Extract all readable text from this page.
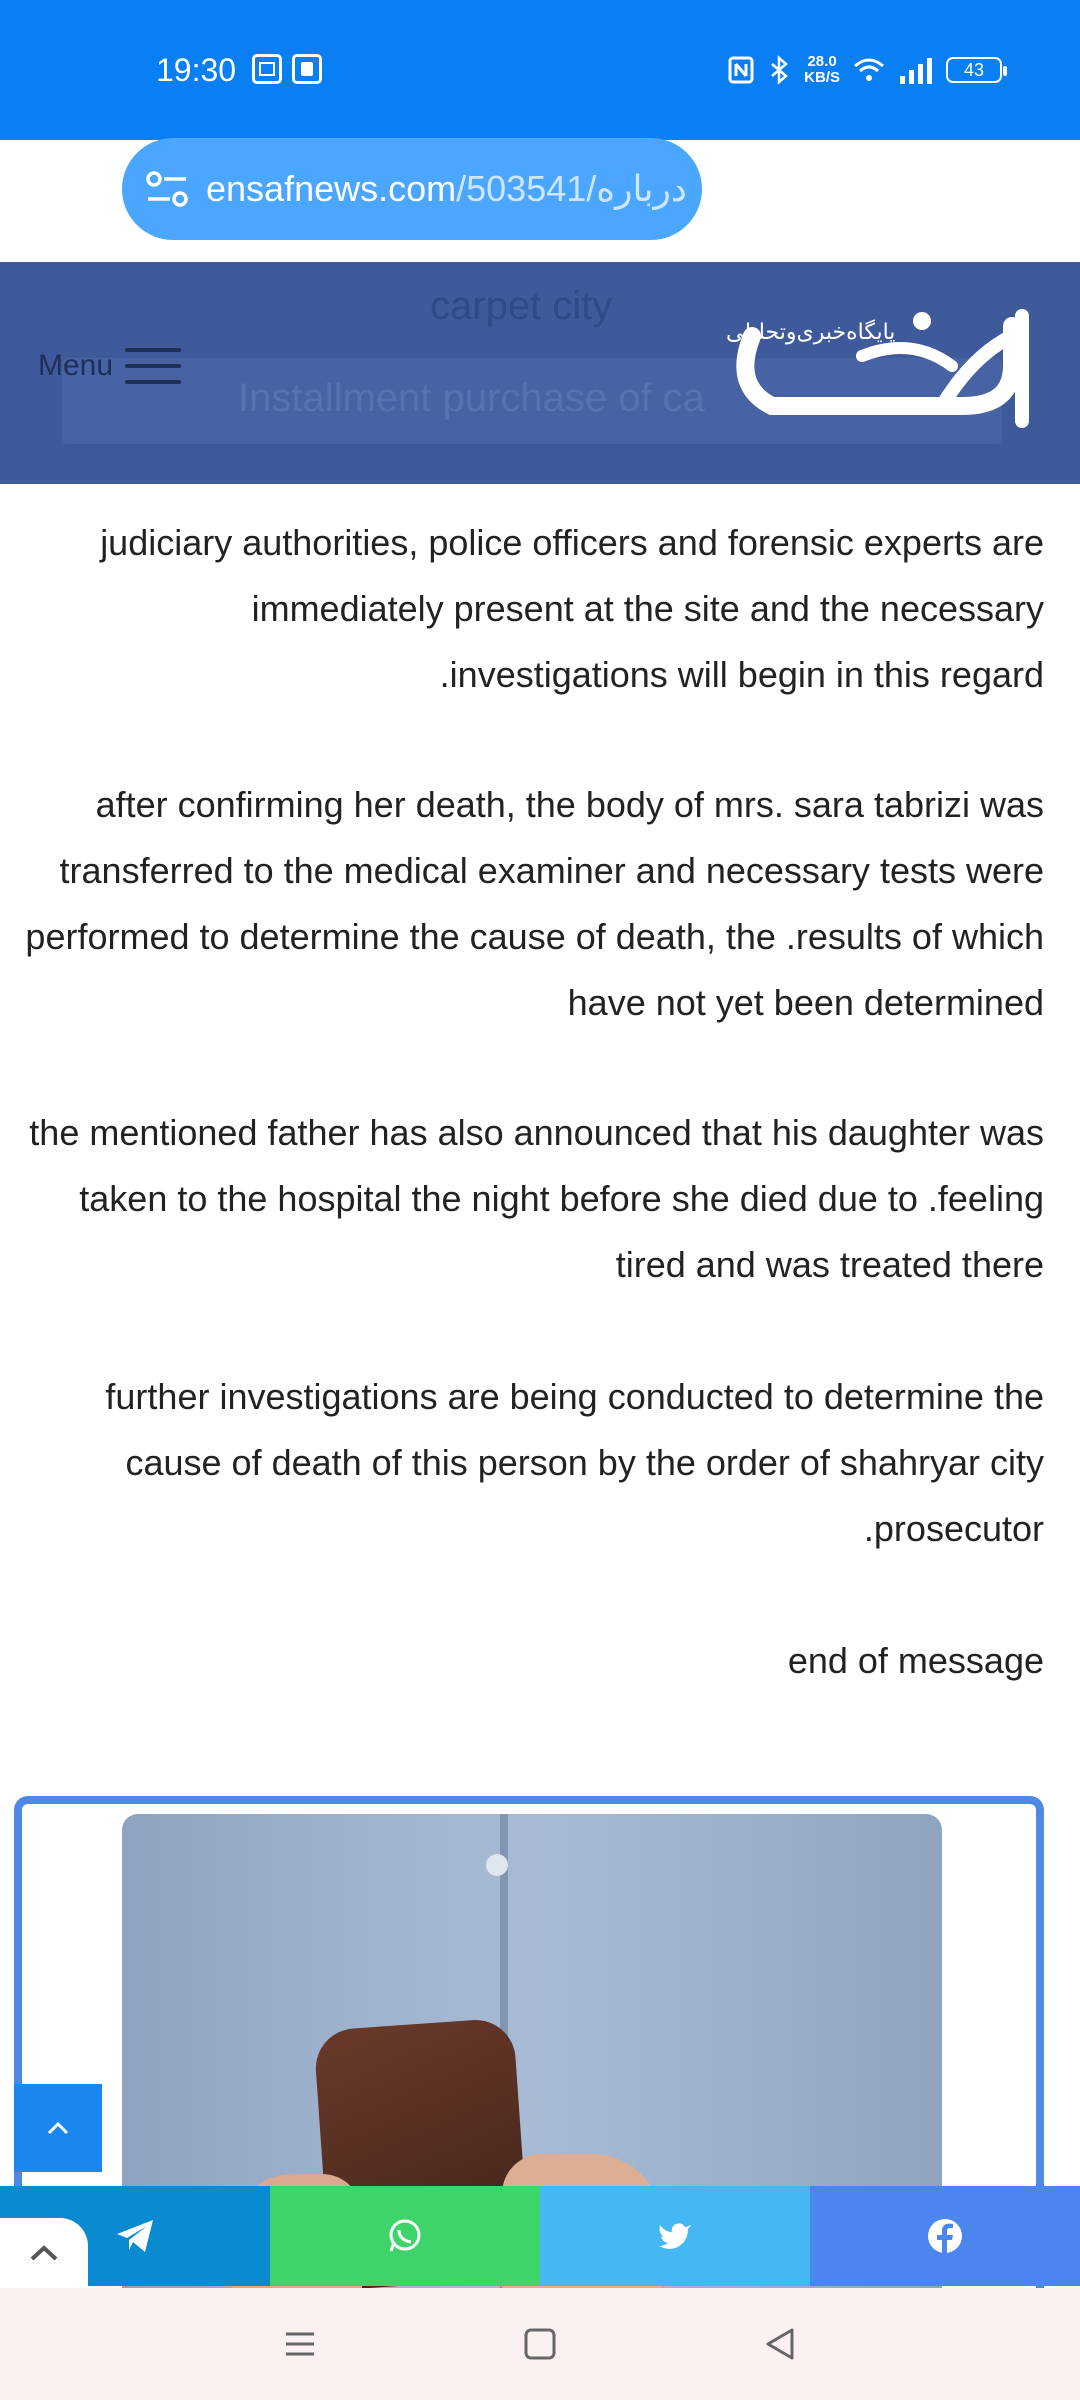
19:30	28.0
KB/S	43
ensafnews.com /503541/درباره	1
carpet city
Installment purchase of ca
Menu
پایگاه‌خبری‌وتحلیلی

judiciary authorities, police officers and forensic experts are immediately present at the site and the necessary .investigations will begin in this regard

after confirming her death, the body of mrs. sara tabrizi was transferred to the medical examiner and necessary tests were performed to determine the cause of death, the .results of which have not yet been determined

the mentioned father has also announced that his daughter was taken to the hospital the night before she died due to .feeling tired and was treated there

further investigations are being conducted to determine the cause of death of this person by the order of shahryar city .prosecutor

end of message
